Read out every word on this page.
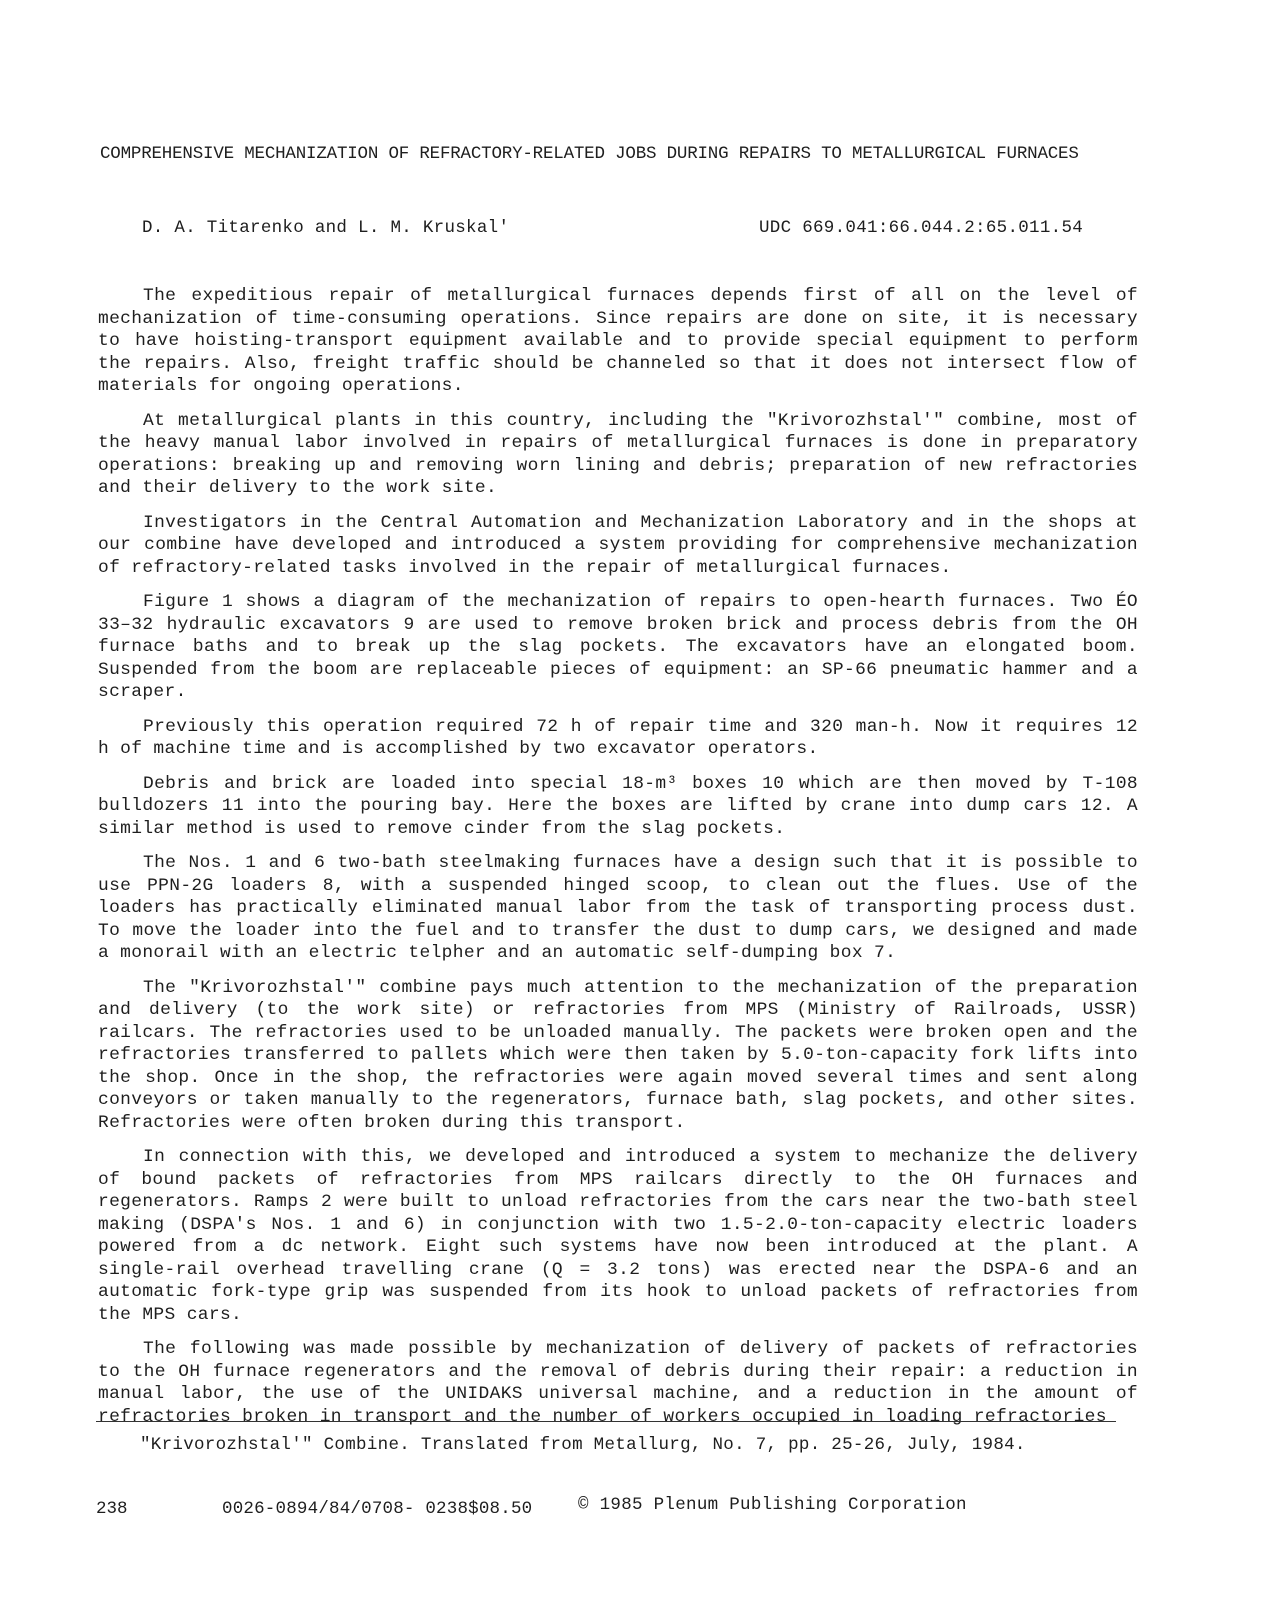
COMPREHENSIVE MECHANIZATION OF REFRACTORY-RELATED JOBS DURING REPAIRS TO METALLURGICAL FURNACES
D. A. Titarenko and L. M. Kruskal'	UDC 669.041:66.044.2:65.011.54

The expeditious repair of metallurgical furnaces depends first of all on the level of mechanization of time-consuming operations. Since repairs are done on site, it is necessary to have hoisting-transport equipment available and to provide special equipment to perform the repairs. Also, freight traffic should be channeled so that it does not intersect flow of materials for ongoing operations.

At metallurgical plants in this country, including the "Krivorozhstal'" combine, most of the heavy manual labor involved in repairs of metallurgical furnaces is done in preparatory operations: breaking up and removing worn lining and debris; preparation of new refractories and their delivery to the work site.

Investigators in the Central Automation and Mechanization Laboratory and in the shops at our combine have developed and introduced a system providing for comprehensive mechanization of refractory-related tasks involved in the repair of metallurgical furnaces.

Figure 1 shows a diagram of the mechanization of repairs to open-hearth furnaces. Two ÉO 33–32 hydraulic excavators 9 are used to remove broken brick and process debris from the OH furnace baths and to break up the slag pockets. The excavators have an elongated boom. Suspended from the boom are replaceable pieces of equipment: an SP-66 pneumatic hammer and a scraper.

Previously this operation required 72 h of repair time and 320 man-h. Now it requires 12 h of machine time and is accomplished by two excavator operators.

Debris and brick are loaded into special 18-m³ boxes 10 which are then moved by T-108 bulldozers 11 into the pouring bay. Here the boxes are lifted by crane into dump cars 12. A similar method is used to remove cinder from the slag pockets.

The Nos. 1 and 6 two-bath steelmaking furnaces have a design such that it is possible to use PPN-2G loaders 8, with a suspended hinged scoop, to clean out the flues. Use of the loaders has practically eliminated manual labor from the task of transporting process dust. To move the loader into the fuel and to transfer the dust to dump cars, we designed and made a monorail with an electric telpher and an automatic self-dumping box 7.

The "Krivorozhstal'" combine pays much attention to the mechanization of the preparation and delivery (to the work site) or refractories from MPS (Ministry of Railroads, USSR) railcars. The refractories used to be unloaded manually. The packets were broken open and the refractories transferred to pallets which were then taken by 5.0-ton-capacity fork lifts into the shop. Once in the shop, the refractories were again moved several times and sent along conveyors or taken manually to the regenerators, furnace bath, slag pockets, and other sites. Refractories were often broken during this transport.

In connection with this, we developed and introduced a system to mechanize the delivery of bound packets of refractories from MPS railcars directly to the OH furnaces and regenerators. Ramps 2 were built to unload refractories from the cars near the two-bath steel making (DSPA's Nos. 1 and 6) in conjunction with two 1.5-2.0-ton-capacity electric loaders powered from a dc network. Eight such systems have now been introduced at the plant. A single-rail overhead travelling crane (Q = 3.2 tons) was erected near the DSPA-6 and an automatic fork-type grip was suspended from its hook to unload packets of refractories from the MPS cars.

The following was made possible by mechanization of delivery of packets of refractories to the OH furnace regenerators and the removal of debris during their repair: a reduction in manual labor, the use of the UNIDAKS universal machine, and a reduction in the amount of refractories broken in transport and the number of workers occupied in loading refractories

"Krivorozhstal'" Combine. Translated from Metallurg, No. 7, pp. 25-26, July, 1984.
238	0026-0894/84/0708- 0238$08.50	© 1985 Plenum Publishing Corporation
